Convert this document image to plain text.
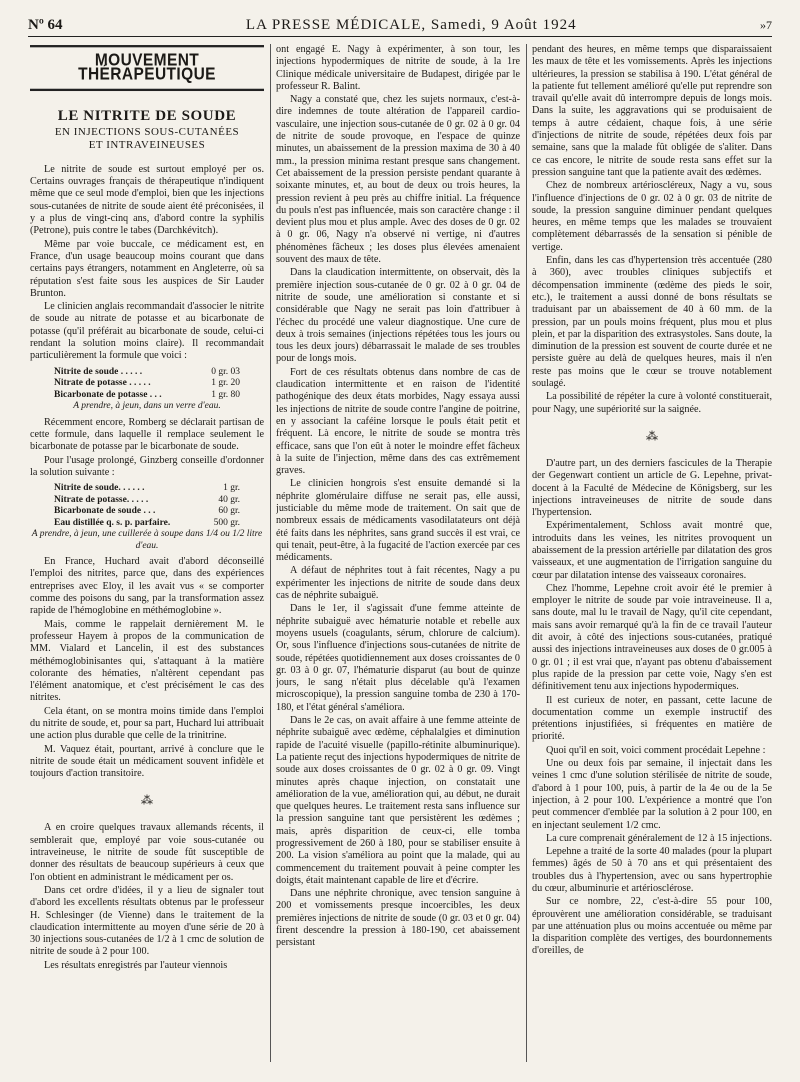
Nº 64	LA PRESSE MÉDICALE, Samedi, 9 Août 1924	»7
MOUVEMENT THÉRAPEUTIQUE
LE NITRITE DE SOUDE
EN INJECTIONS SOUS-CUTANÉES
ET INTRAVEINEUSES

Le nitrite de soude est surtout employé per os. Certains ouvrages français de thérapeutique n'indiquent même que ce seul mode d'emploi, bien que les injections sous-cutanées de nitrite de soude aient été préconisées, il y a plus de vingt-cinq ans, d'abord contre la syphilis (Petrone), puis contre le tabes (Darchkévitch).

Même par voie buccale, ce médicament est, en France, d'un usage beaucoup moins courant que dans certains pays étrangers, notamment en Angleterre, où sa réputation s'est faite sous les auspices de Sir Lauder Brunton.

Le clinicien anglais recommandait d'associer le nitrite de soude au nitrate de potasse et au bicarbonate de potasse (qu'il préférait au bicarbonate de soude, celui-ci rendant la solution moins claire). Il recommandait particulièrement la formule que voici :

Nitrite de soude . . . . .	0 gr. 03
Nitrate de potasse . . . . .	1 gr. 20
Bicarbonate de potasse . . .	1 gr. 80
A prendre, à jeun, dans un verre d'eau.

Récemment encore, Romberg se déclarait partisan de cette formule, dans laquelle il remplace seulement le bicarbonate de potasse par le bicarbonate de soude.

Pour l'usage prolongé, Ginzberg conseille d'ordonner la solution suivante :

Nitrite de soude. . . . . .	1 gr.
Nitrate de potasse. . . . .	40 gr.
Bicarbonate de soude . . .	60 gr.
Eau distillée q. s. p. parfaire.	500 gr.
A prendre, à jeun, une cuillerée à soupe dans 1/4 ou 1/2 litre d'eau.

En France, Huchard avait d'abord déconseillé l'emploi des nitrites, parce que, dans des expériences entreprises avec Eloy, il les avait vus « se comporter comme des poisons du sang, par la transformation assez rapide de l'hémoglobine en méthémoglobine ».

Mais, comme le rappelait dernièrement M. le professeur Hayem à propos de la communication de MM. Vialard et Lancelin, il est des substances méthémoglobinisantes qui, s'attaquant à la matière colorante des hématies, n'altèrent cependant pas l'élément anatomique, et c'est précisément le cas des nitrites.

Cela étant, on se montra moins timide dans l'emploi du nitrite de soude, et, pour sa part, Huchard lui attribuait une action plus durable que celle de la trinitrine.

M. Vaquez était, pourtant, arrivé à conclure que le nitrite de soude était un médicament souvent infidèle et toujours d'action transitoire.

⁂

A en croire quelques travaux allemands récents, il semblerait que, employé par voie sous-cutanée ou intraveineuse, le nitrite de soude fût susceptible de donner des résultats de beaucoup supérieurs à ceux que l'on obtient en administrant le médicament per os.

Dans cet ordre d'idées, il y a lieu de signaler tout d'abord les excellents résultats obtenus par le professeur H. Schlesinger (de Vienne) dans le traitement de la claudication intermittente au moyen d'une série de 20 à 30 injections sous-cutanées de 1/2 à 1 cmc de solution de nitrite de soude à 2 pour 100.

Les résultats enregistrés par l'auteur viennois

ont engagé E. Nagy à expérimenter, à son tour, les injections hypodermiques de nitrite de soude, à la 1re Clinique médicale universitaire de Budapest, dirigée par le professeur R. Balint.

Nagy a constaté que, chez les sujets normaux, c'est-à-dire indemnes de toute altération de l'appareil cardio-vasculaire, une injection sous-cutanée de 0 gr. 02 à 0 gr. 04 de nitrite de soude provoque, en l'espace de quinze minutes, un abaissement de la pression maxima de 30 à 40 mm., la pression minima restant presque sans changement. Cet abaissement de la pression persiste pendant quarante à soixante minutes, et, au bout de deux ou trois heures, la pression revient à peu près au chiffre initial. La fréquence du pouls n'est pas influencée, mais son caractère change : il devient plus mou et plus ample. Avec des doses de 0 gr. 02 à 0 gr. 06, Nagy n'a observé ni vertige, ni d'autres phénomènes fâcheux ; les doses plus élevées amenaient souvent des maux de tête.

Dans la claudication intermittente, on observait, dès la première injection sous-cutanée de 0 gr. 02 à 0 gr. 04 de nitrite de soude, une amélioration si constante et si considérable que Nagy ne serait pas loin d'attribuer à l'échec du procédé une valeur diagnostique. Une cure de deux à trois semaines (injections répétées tous les jours ou tous les deux jours) débarrassait le malade de ses troubles pour de longs mois.

Fort de ces résultats obtenus dans nombre de cas de claudication intermittente et en raison de l'identité pathogénique des deux états morbides, Nagy essaya aussi les injections de nitrite de soude contre l'angine de poitrine, en y associant la caféine lorsque le pouls était petit et fréquent. Là encore, le nitrite de soude se montra très efficace, sans que l'on eût à noter le moindre effet fâcheux à la suite de l'injection, même dans des cas extrêmement graves.

Le clinicien hongrois s'est ensuite demandé si la néphrite glomérulaire diffuse ne serait pas, elle aussi, justiciable du même mode de traitement. On sait que de nombreux essais de médicaments vasodilatateurs ont déjà été faits dans les néphrites, sans grand succès il est vrai, ce qui tenait, peut-être, à la fugacité de l'action exercée par ces médicaments.

A défaut de néphrites tout à fait récentes, Nagy a pu expérimenter les injections de nitrite de soude dans deux cas de néphrite subaiguë.

Dans le 1er, il s'agissait d'une femme atteinte de néphrite subaiguë avec hématurie notable et rebelle aux moyens usuels (coagulants, sérum, chlorure de calcium). Or, sous l'influence d'injections sous-cutanées de nitrite de soude, répétées quotidiennement aux doses croissantes de 0 gr. 03 à 0 gr. 07, l'hématurie disparut (au bout de quinze jours, le sang n'était plus décelable qu'à l'examen microscopique), la pression sanguine tomba de 230 à 170-180, et l'état général s'améliora.

Dans le 2e cas, on avait affaire à une femme atteinte de néphrite subaiguë avec œdème, céphalalgies et diminution rapide de l'acuité visuelle (papillo-rétinite albuminurique). La patiente reçut des injections hypodermiques de nitrite de soude aux doses croissantes de 0 gr. 02 à 0 gr. 09. Vingt minutes après chaque injection, on constatait une amélioration de la vue, amélioration qui, au début, ne durait que quelques heures. Le traitement resta sans influence sur la pression sanguine tant que persistèrent les œdèmes ; mais, après disparition de ceux-ci, elle tomba progressivement de 260 à 180, pour se stabiliser ensuite à 200. La vision s'améliora au point que la malade, qui au commencement du traitement pouvait à peine compter les doigts, était maintenant capable de lire et d'écrire.

Dans une néphrite chronique, avec tension sanguine à 200 et vomissements presque incoercibles, les deux premières injections de nitrite de soude (0 gr. 03 et 0 gr. 04) firent descendre la pression à 180-190, cet abaissement persistant

pendant des heures, en même temps que disparaissaient les maux de tête et les vomissements. Après les injections ultérieures, la pression se stabilisa à 190. L'état général de la patiente fut tellement amélioré qu'elle put reprendre son travail qu'elle avait dû interrompre depuis de longs mois. Dans la suite, les aggravations qui se produisaient de temps à autre cédaient, chaque fois, à une série d'injections de nitrite de soude, répétées deux fois par semaine, sans que la malade fût obligée de s'aliter. Dans ce cas encore, le nitrite de soude resta sans effet sur la pression sanguine tant que la patiente avait des œdèmes.

Chez de nombreux artérioscléreux, Nagy a vu, sous l'influence d'injections de 0 gr. 02 à 0 gr. 03 de nitrite de soude, la pression sanguine diminuer pendant quelques heures, en même temps que les malades se trouvaient complètement débarrassés de la sensation si pénible de vertige.

Enfin, dans les cas d'hypertension très accentuée (280 à 360), avec troubles cliniques subjectifs et décompensation imminente (œdème des pieds le soir, etc.), le traitement a aussi donné de bons résultats se traduisant par un abaissement de 40 à 60 mm. de la pression, par un pouls moins fréquent, plus mou et plus plein, et par la disparition des extrasystoles. Sans doute, la diminution de la pression est souvent de courte durée et ne persiste guère au delà de quelques heures, mais il n'en reste pas moins que le cœur se trouve notablement soulagé.

La possibilité de répéter la cure à volonté constituerait, pour Nagy, une supériorité sur la saignée.

⁂

D'autre part, un des derniers fascicules de la Therapie der Gegenwart contient un article de G. Lepehne, privat-docent à la Faculté de Médecine de Königsberg, sur les injections intraveineuses de nitrite de soude dans l'hypertension.

Expérimentalement, Schloss avait montré que, introduits dans les veines, les nitrites provoquent un abaissement de la pression artérielle par dilatation des gros vaisseaux, et une augmentation de l'irrigation sanguine du cœur par dilatation intense des vaisseaux coronaires.

Chez l'homme, Lepehne croit avoir été le premier à employer le nitrite de soude par voie intraveineuse. Il a, sans doute, mal lu le travail de Nagy, qu'il cite cependant, mais sans avoir remarqué qu'à la fin de ce travail l'auteur dit avoir, à côté des injections sous-cutanées, pratiqué aussi des injections intraveineuses aux doses de 0 gr.005 à 0 gr. 01 ; il est vrai que, n'ayant pas obtenu d'abaissement plus rapide de la pression par cette voie, Nagy s'en est définitivement tenu aux injections hypodermiques.

Il est curieux de noter, en passant, cette lacune de documentation comme un exemple instructif des prétentions injustifiées, si fréquentes en matière de priorité.

Quoi qu'il en soit, voici comment procédait Lepehne :

Une ou deux fois par semaine, il injectait dans les veines 1 cmc d'une solution stérilisée de nitrite de soude, d'abord à 1 pour 100, puis, à partir de la 4e ou de la 5e injection, à 2 pour 100. L'expérience a montré que l'on peut commencer d'emblée par la solution à 2 pour 100, en en injectant seulement 1/2 cmc.

La cure comprenait généralement de 12 à 15 injections.

Lepehne a traité de la sorte 40 malades (pour la plupart femmes) âgés de 50 à 70 ans et qui présentaient des troubles dus à l'hypertension, avec ou sans hypertrophie du cœur, albuminurie et artériosclérose.

Sur ce nombre, 22, c'est-à-dire 55 pour 100, éprouvèrent une amélioration considérable, se traduisant par une atténuation plus ou moins accentuée ou même par la disparition complète des vertiges, des bourdonnements d'oreilles, de
